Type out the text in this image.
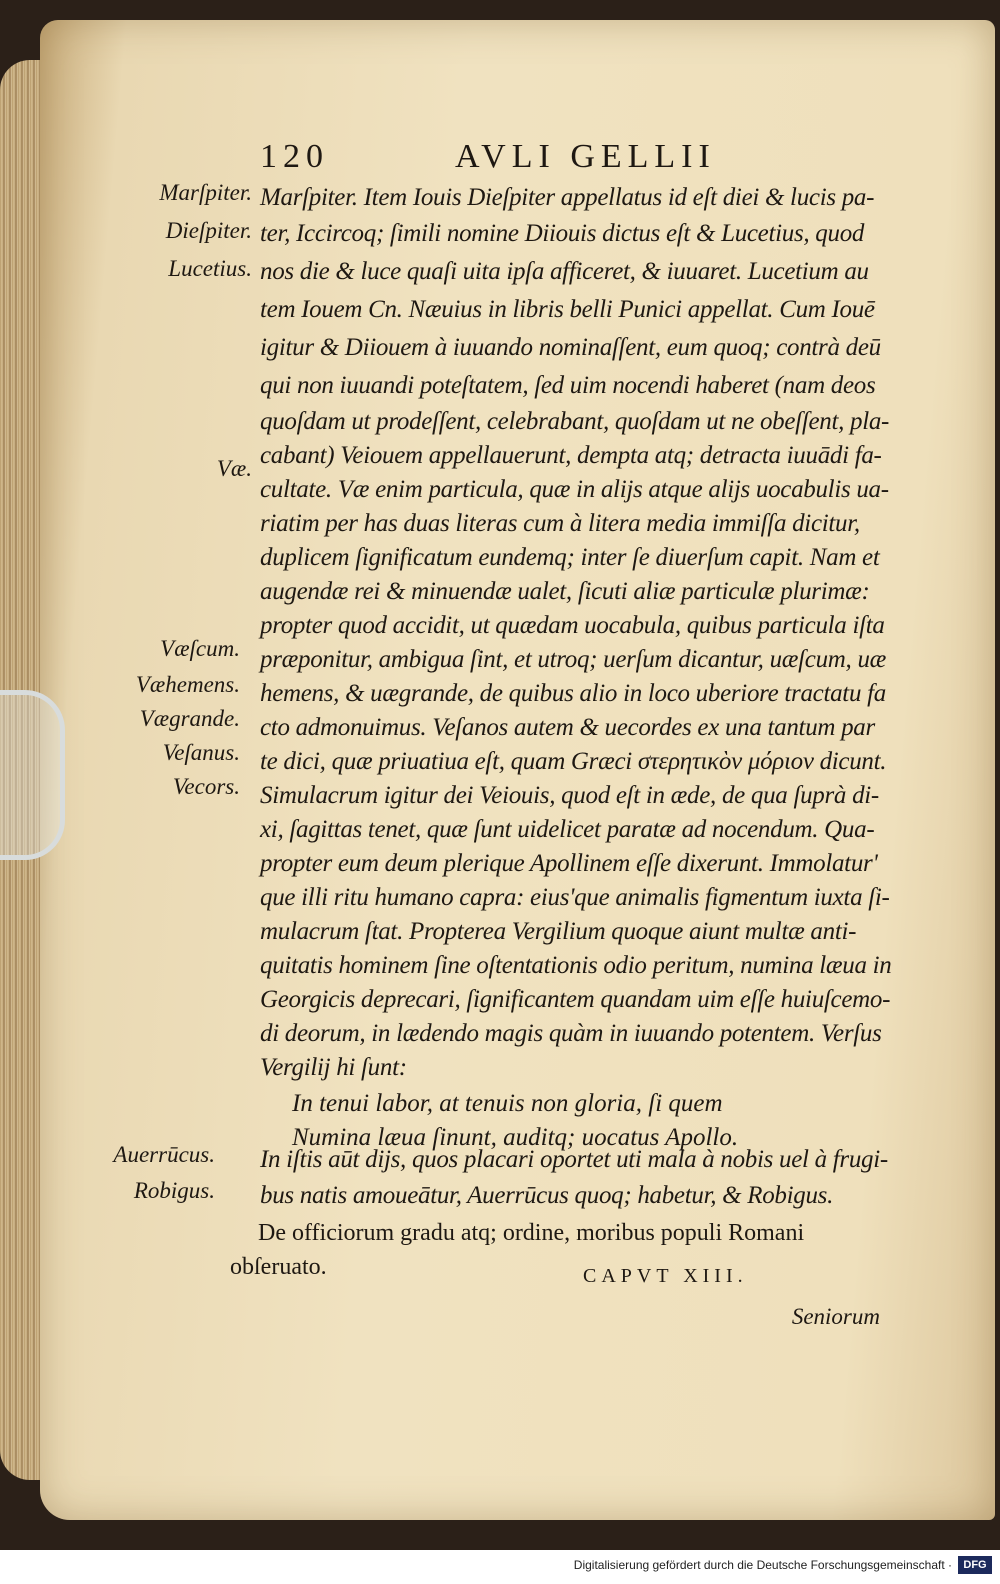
120	AVLI GELLII
Marſpiter.
Dieſpiter.
Lucetius.
Væ.
Væſcum.
Væhemens.
Vægrande.
Veſanus.
Vecors.
Auerrūcus.
Robigus.
Marſpiter. Item Iouis Dieſpiter appellatus id eſt diei & lucis pa-
ter, Iccircoq; ſimili nomine Diiouis dictus eſt & Lucetius, quod
nos die & luce quaſi uita ipſa afficeret, & iuuaret. Lucetium au
tem Iouem Cn. Næuius in libris belli Punici appellat. Cum Iouē
igitur & Diiouem à iuuando nominaſſent, eum quoq; contrà deū
qui non iuuandi poteſtatem, ſed uim nocendi haberet (nam deos
quoſdam ut prodeſſent, celebrabant, quoſdam ut ne obeſſent, pla-
cabant) Veiouem appellauerunt, dempta atq; detracta iuuādi fa-
cultate. Væ enim particula, quæ in alijs atque alijs uocabulis ua-
riatim per has duas literas cum à litera media immiſſa dicitur,
duplicem ſignificatum eundemq; inter ſe diuerſum capit. Nam et
augendæ rei & minuendæ ualet, ſicuti aliæ particulæ plurimæ:
propter quod accidit, ut quædam uocabula, quibus particula iſta
præponitur, ambigua ſint, et utroq; uerſum dicantur, uæſcum, uæ
hemens, & uægrande, de quibus alio in loco uberiore tractatu fa
cto admonuimus. Veſanos autem & uecordes ex una tantum par
te dici, quæ priuatiua eſt, quam Græci στερητικὸν μόριον dicunt.
Simulacrum igitur dei Veiouis, quod eſt in æde, de qua ſuprà di-
xi, ſagittas tenet, quæ ſunt uidelicet paratæ ad nocendum. Qua-
propter eum deum plerique Apollinem eſſe dixerunt. Immolatur'
que illi ritu humano capra: eius'que animalis figmentum iuxta ſi-
mulacrum ſtat. Propterea Vergilium quoque aiunt multæ anti-
quitatis hominem ſine oſtentationis odio peritum, numina læua in
Georgicis deprecari, ſignificantem quandam uim eſſe huiuſcemo-
di deorum, in lædendo magis quàm in iuuando potentem. Verſus
Vergilij hi ſunt:
In tenui labor, at tenuis non gloria, ſi quem
Numina læua ſinunt, auditq; uocatus Apollo.
In iſtis aūt dijs, quos placari oportet uti mala à nobis uel à frugi-
bus natis amoueātur, Auerrūcus quoq; habetur, & Robigus.
De officiorum gradu atq; ordine, moribus populi Romani
obſeruato.	CAPVT XIII.
Seniorum
Digitalisierung gefördert durch die Deutsche Forschungsgemeinschaft ·	DFG
